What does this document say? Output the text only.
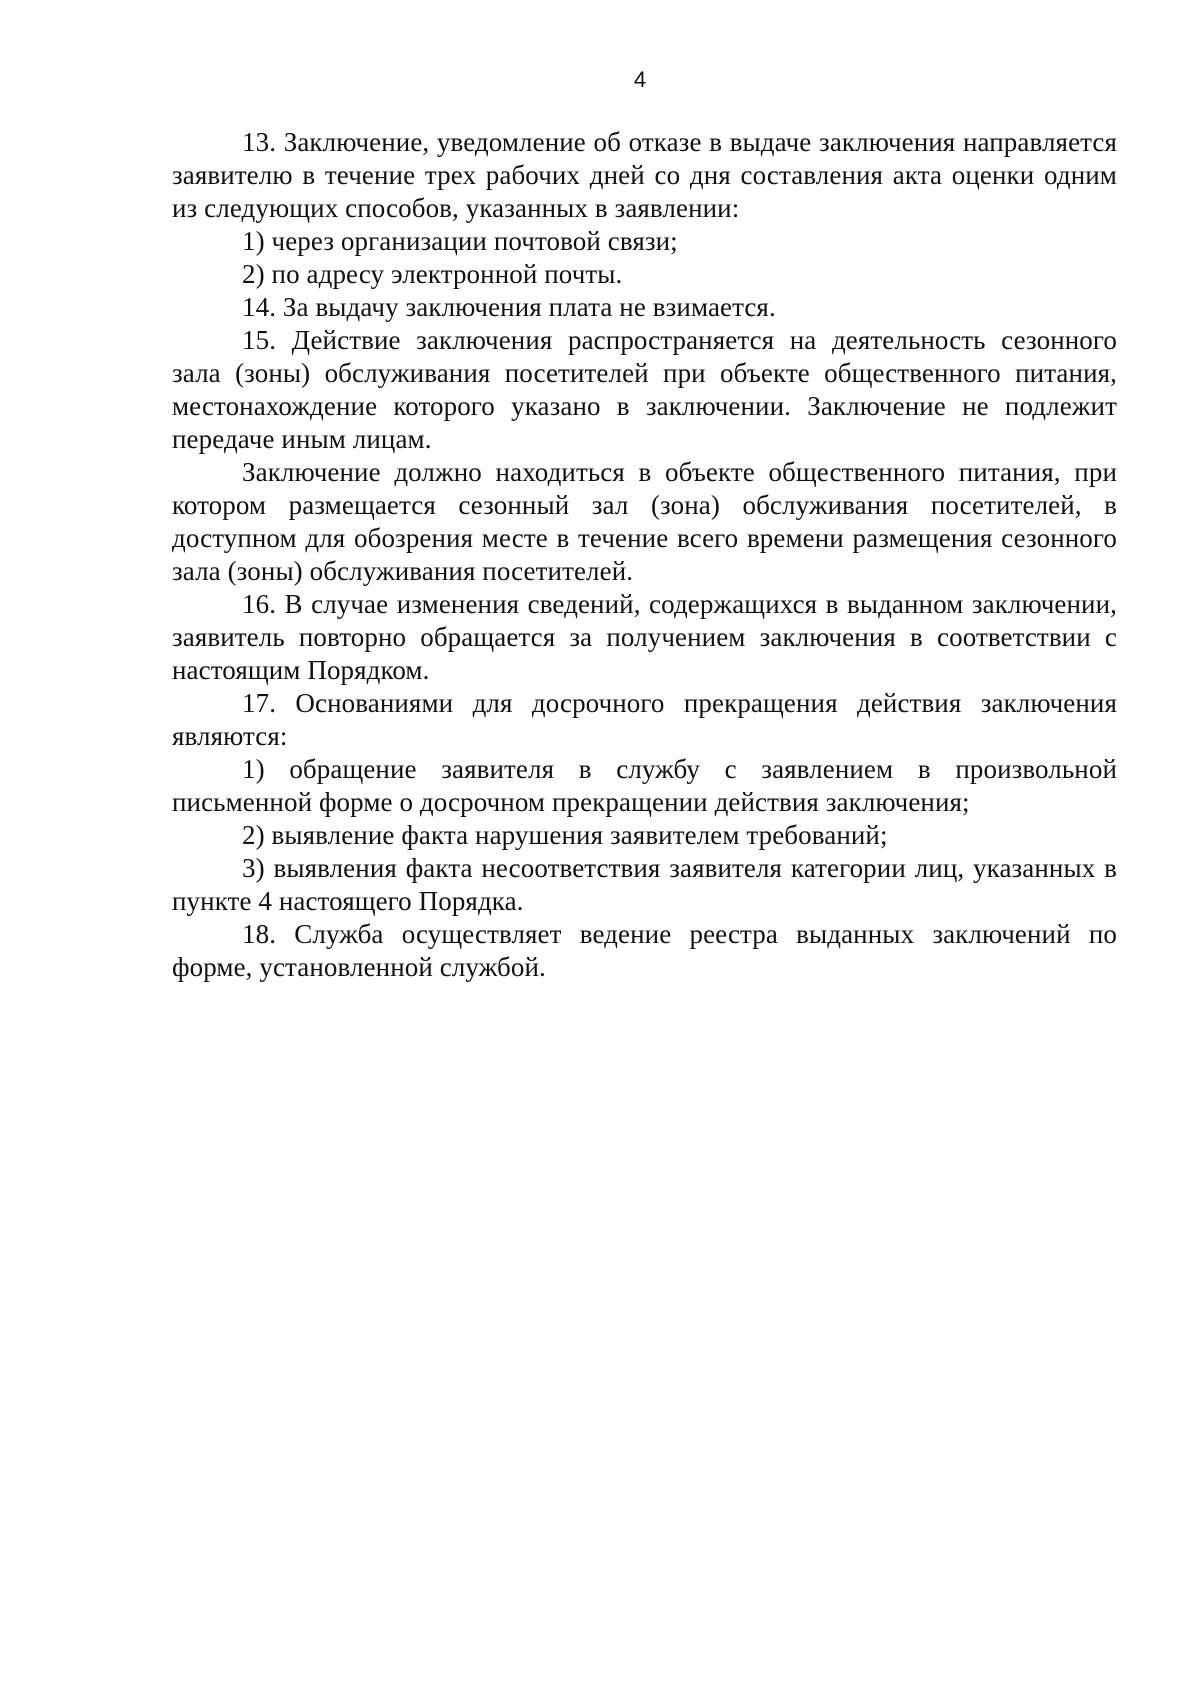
4

13. Заключение, уведомление об отказе в выдаче заключения направляется заявителю в течение трех рабочих дней со дня составления акта оценки одним из следующих способов, указанных в заявлении:

1) через организации почтовой связи;

2) по адресу электронной почты.

14. За выдачу заключения плата не взимается.

15. Действие заключения распространяется на деятельность сезонного зала (зоны) обслуживания посетителей при объекте общественного питания, местонахождение которого указано в заключении. Заключение не подлежит передаче иным лицам.

Заключение должно находиться в объекте общественного питания, при котором размещается сезонный зал (зона) обслуживания посетителей, в доступном для обозрения месте в течение всего времени размещения сезонного зала (зоны) обслуживания посетителей.

16. В случае изменения сведений, содержащихся в выданном заключении, заявитель повторно обращается за получением заключения в соответствии с настоящим Порядком.

17. Основаниями для досрочного прекращения действия заключения являются:

1) обращение заявителя в службу с заявлением в произвольной письменной форме о досрочном прекращении действия заключения;

2) выявление факта нарушения заявителем требований;

3) выявления факта несоответствия заявителя категории лиц, указанных в пункте 4 настоящего Порядка.

18. Служба осуществляет ведение реестра выданных заключений по форме, установленной службой.
